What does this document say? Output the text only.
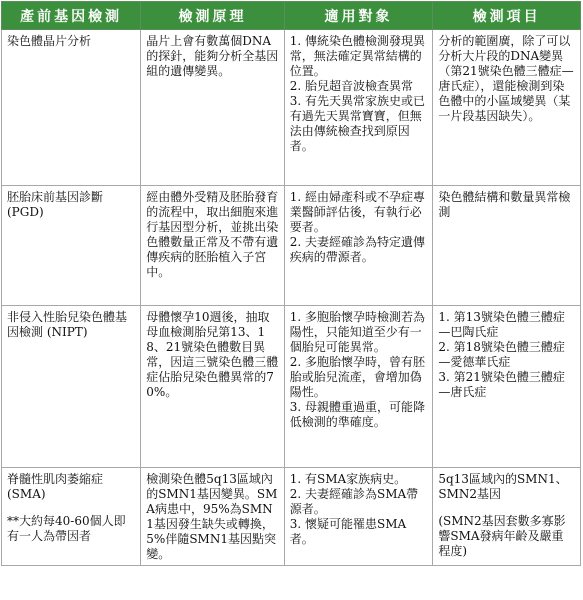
產前基因檢測	檢測原理	適用對象	檢測項目

染色體晶片分析	晶片上會有數萬個DNA的探針，能夠分析全基因組的遺傳變異。	1. 傳統染色體檢測發現異常，無法確定異常結構的位置。
2. 胎兒超音波檢查異常
3. 有先天異常家族史或已有過先天異常寶寶，但無法由傳統檢查找到原因者。	分析的範圍廣，除了可以分析大片段的DNA變異（第21號染色體三體症—唐氏症），還能檢測到染色體中的小區域變異（某一片段基因缺失）。

胚胎床前基因診斷
(PGD)	經由體外受精及胚胎發育的流程中，取出細胞來進行基因型分析，並挑出染色體數量正常及不帶有遺傳疾病的胚胎植入子宮中。	1. 經由婦產科或不孕症專業醫師評估後，有執行必要者。
2. 夫妻經確診為特定遺傳疾病的帶源者。	染色體結構和數量異常檢測

非侵入性胎兒染色體基因檢測 (NIPT)	母體懷孕10週後，抽取母血檢測胎兒第13、18、21號染色體數目異常，因這三號染色體三體症佔胎兒染色體異常的70%。	1. 多胞胎懷孕時檢測若為陽性，只能知道至少有一個胎兒可能異常。
2. 多胞胎懷孕時，曾有胚胎或胎兒流產，會增加偽陽性。
3. 母親體重過重，可能降低檢測的準確度。	1. 第13號染色體三體症—巴陶氏症
2. 第18號染色體三體症—愛德華氏症
3. 第21號染色體三體症—唐氏症

脊髓性肌肉萎縮症
(SMA)
**大約每40-60個人即有一人為帶因者	檢測染色體5q13區域內的SMN1基因變異。SMA病患中，95%為SMN1基因發生缺失或轉換，5%伴隨SMN1基因點突變。	1. 有SMA家族病史。
2. 夫妻經確診為SMA帶源者。
3. 懷疑可能罹患SMA者。	5q13區域內的SMN1、SMN2基因
(SMN2基因套數多寡影響SMA發病年齡及嚴重程度)
